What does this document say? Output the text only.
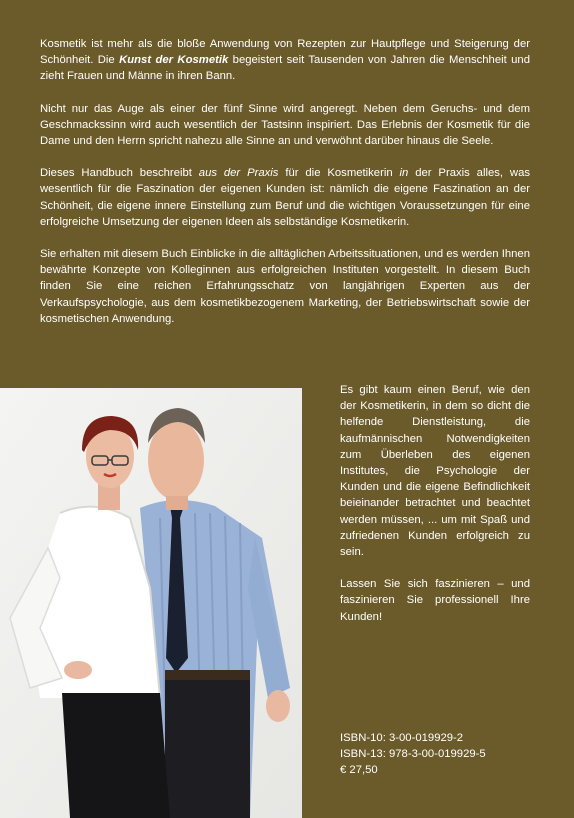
Kosmetik ist mehr als die bloße Anwendung von Rezepten zur Hautpflege und Steigerung der Schönheit. Die Kunst der Kosmetik begeistert seit Tausenden von Jahren die Menschheit und zieht Frauen und Männe in ihren Bann.

Nicht nur das Auge als einer der fünf Sinne wird angeregt. Neben dem Geruchs- und dem Geschmackssinn wird auch wesentlich der Tastsinn inspiriert. Das Erlebnis der Kosmetik für die Dame und den Herrn spricht nahezu alle Sinne an und verwöhnt darüber hinaus die Seele.

Dieses Handbuch beschreibt aus der Praxis für die Kosmetikerin in der Praxis alles, was wesentlich für die Faszination der eigenen Kunden ist: nämlich die eigene Faszination an der Schönheit, die eigene innere Einstellung zum Beruf und die wichtigen Voraussetzungen für eine erfolgreiche Umsetzung der eigenen Ideen als selbständige Kosmetikerin.

Sie erhalten mit diesem Buch Einblicke in die alltäglichen Arbeitssituationen, und es werden Ihnen bewährte Konzepte von Kolleginnen aus erfolgreichen Instituten vorgestellt. In diesem Buch finden Sie eine reichen Erfahrungsschatz von langjährigen Experten aus der Verkaufspsychologie, aus dem kosmetikbezogenem Marketing, der Betriebswirtschaft sowie der kosmetischen Anwendung.

Es gibt kaum einen Beruf, wie den der Kosmetikerin, in dem so dicht die helfende Dienstleistung, die kaufmännischen Notwendigkeiten zum Überleben des eigenen Institutes, die Psychologie der Kunden und die eigene Befindlichkeit beieinander betrachtet und beachtet werden müssen, ... um mit Spaß und zufriedenen Kunden erfolgreich zu sein.

Lassen Sie sich faszinieren – und faszinieren Sie professionell Ihre Kunden!

ISBN-10: 3-00-019929-2
ISBN-13: 978-3-00-019929-5
€ 27,50
